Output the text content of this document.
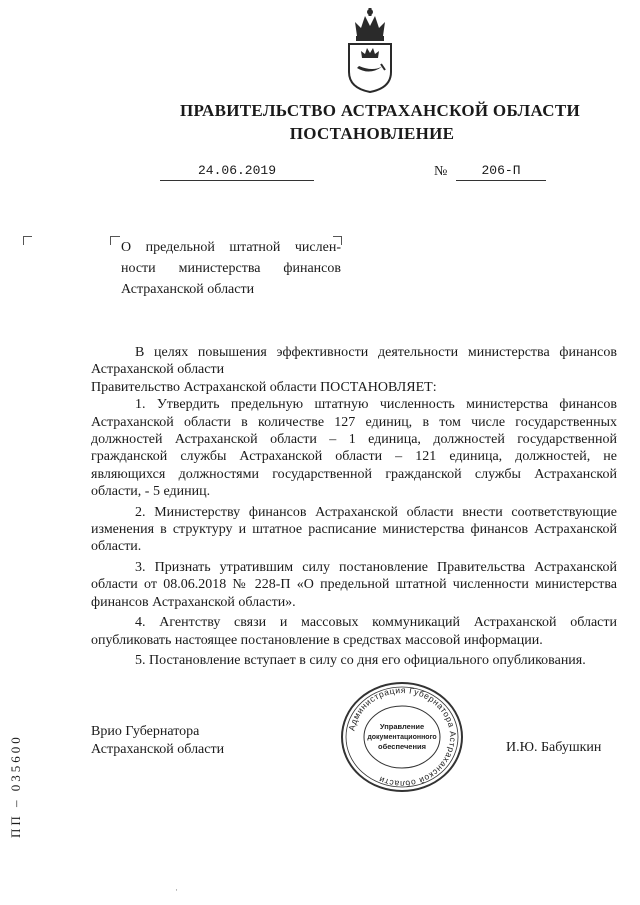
ПРАВИТЕЛЬСТВО АСТРАХАНСКОЙ ОБЛАСТИ
ПОСТАНОВЛЕНИЕ
24.06.2019	№	206-П
О предельной штатной числен-
ности министерства финансов
Астраханской области

В целях повышения эффективности деятельности министерства финансов Астраханской области

Правительство Астраханской области ПОСТАНОВЛЯЕТ:

1. Утвердить предельную штатную численность министерства финансов Астраханской области в количестве 127 единиц, в том числе государственных должностей Астраханской области – 1 единица, должностей государственной гражданской службы Астраханской области – 121 единица, должностей, не являющихся должностями государственной гражданской службы Астраханской области, - 5 единиц.

2. Министерству финансов Астраханской области внести соответствующие изменения в структуру и штатное расписание министерства финансов Астраханской области.

3. Признать утратившим силу постановление Правительства Астраханской области от 08.06.2018 № 228-П «О предельной штатной численности министерства финансов Астраханской области».

4. Агентству связи и массовых коммуникаций Астраханской области опубликовать настоящее постановление в средствах массовой информации.

5. Постановление вступает в силу со дня его официального опубликования.

Врио Губернатора
Астраханской области	И.Ю. Бабушкин
Администрация Губернатора Астраханской области
Управление
документационного
обеспечения
ПП – 035600
·
